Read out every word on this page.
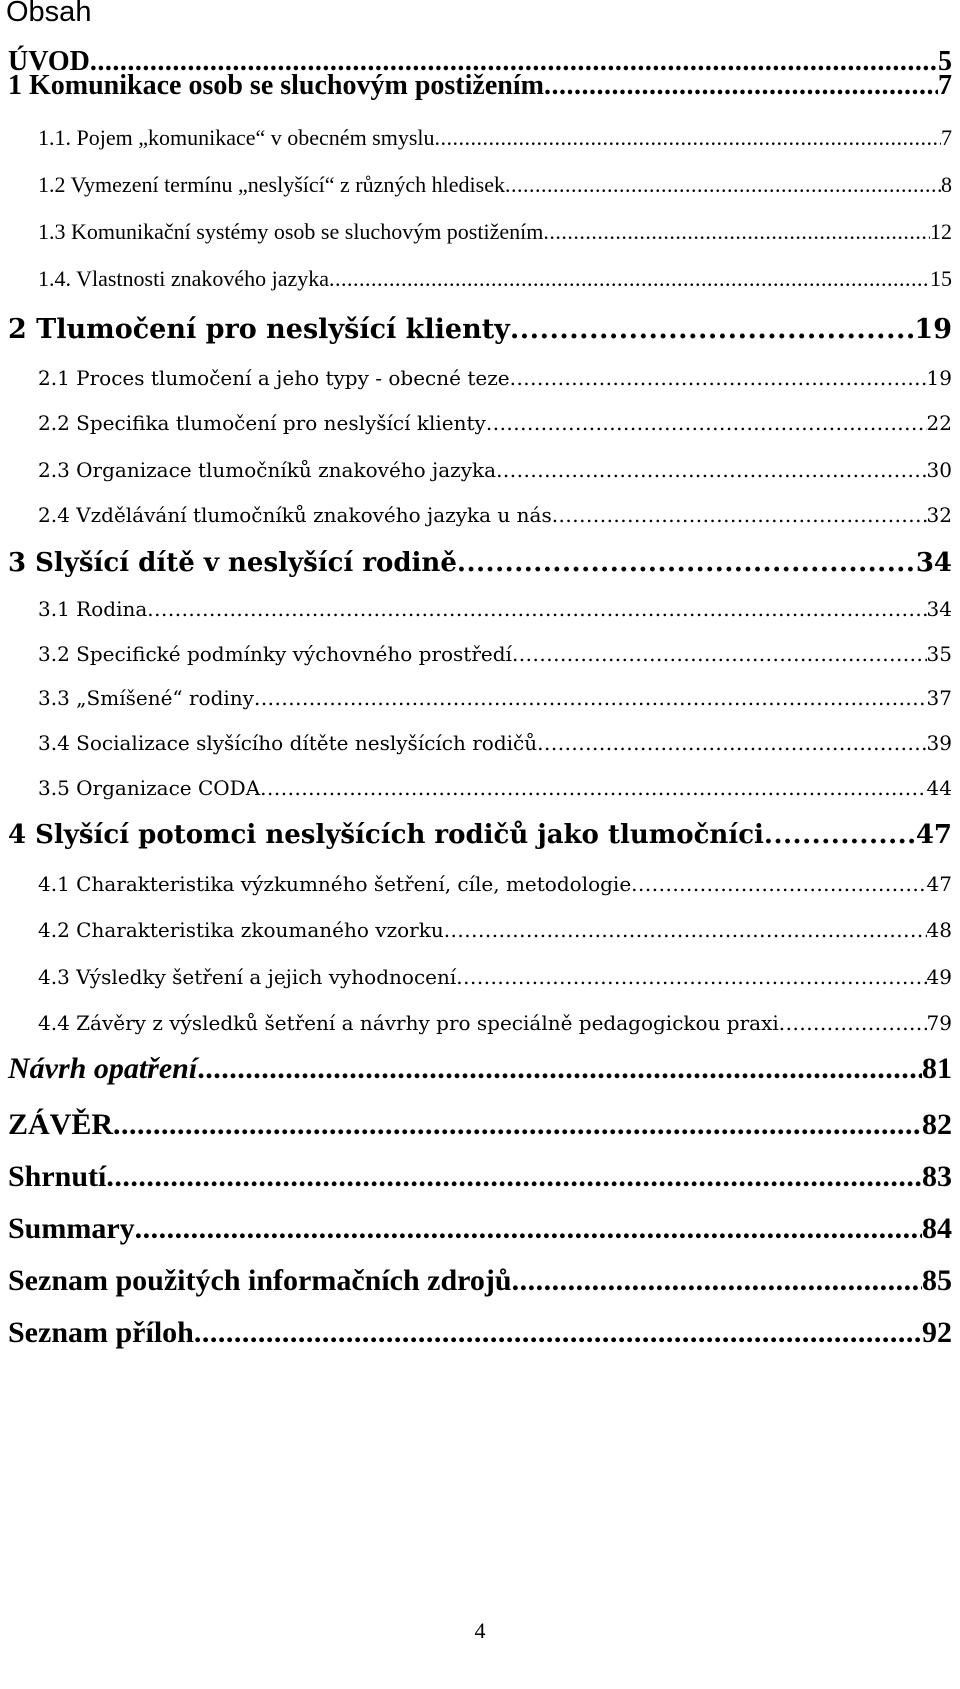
Obsah
ÚVOD .....	5
1 Komunikace osob se sluchovým postižením .....	7
1.1. Pojem „komunikace“ v obecném smyslu .....	7
1.2 Vymezení termínu „neslyšící“ z různých hledisek .....	8
1.3 Komunikační systémy osob se sluchovým postižením .....	12
1.4. Vlastnosti znakového jazyka .....	15
2 Tlumočení pro neslyšící klienty .....	19
2.1 Proces tlumočení a jeho typy - obecné teze .....	19
2.2 Specifika tlumočení pro neslyšící klienty .....	22
2.3 Organizace tlumočníků znakového jazyka .....	30
2.4 Vzdělávání tlumočníků znakového jazyka u nás .....	32
3 Slyšící dítě v neslyšící rodině .....	34
3.1 Rodina .....	34
3.2 Specifické podmínky výchovného prostředí .....	35
3.3 „Smíšené“ rodiny .....	37
3.4 Socializace slyšícího dítěte neslyšících rodičů .....	39
3.5 Organizace CODA .....	44
4 Slyšící potomci neslyšících rodičů jako tlumočníci .....	47
4.1 Charakteristika výzkumného šetření, cíle, metodologie .....	47
4.2 Charakteristika zkoumaného vzorku .....	48
4.3 Výsledky šetření a jejich vyhodnocení .....	49
4.4 Závěry z výsledků šetření a návrhy pro speciálně pedagogickou praxi .....	79
Návrh opatření .....	81
ZÁVĚR .....	82
Shrnutí .....	83
Summary .....	84
Seznam použitých informačních zdrojů .....	85
Seznam příloh .....	92
4
